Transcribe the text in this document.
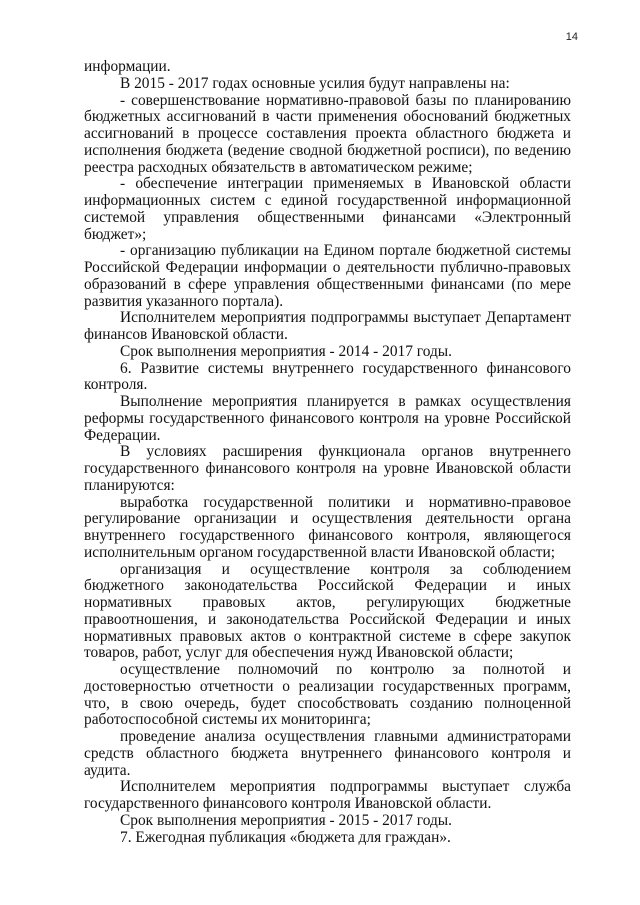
14

информации.

В 2015 - 2017 годах основные усилия будут направлены на:

- совершенствование нормативно-правовой базы по планированию бюджетных ассигнований в части применения обоснований бюджетных ассигнований в процессе составления проекта областного бюджета и исполнения бюджета (ведение сводной бюджетной росписи), по ведению реестра расходных обязательств в автоматическом режиме;

- обеспечение интеграции применяемых в Ивановской области информационных систем с единой государственной информационной системой управления общественными финансами «Электронный бюджет»;

- организацию публикации на Едином портале бюджетной системы Российской Федерации информации о деятельности публично-правовых образований в сфере управления общественными финансами (по мере развития указанного портала).

Исполнителем мероприятия подпрограммы выступает Департамент финансов Ивановской области.

Срок выполнения мероприятия - 2014 - 2017 годы.

6. Развитие системы внутреннего государственного финансового контроля.

Выполнение мероприятия планируется в рамках осуществления реформы государственного финансового контроля на уровне Российской Федерации.

В условиях расширения функционала органов внутреннего государственного финансового контроля на уровне Ивановской области планируются:

выработка государственной политики и нормативно-правовое регулирование организации и осуществления деятельности органа внутреннего государственного финансового контроля, являющегося исполнительным органом государственной власти Ивановской области;

организация и осуществление контроля за соблюдением бюджетного законодательства Российской Федерации и иных нормативных правовых актов, регулирующих бюджетные правоотношения, и законодательства Российской Федерации и иных нормативных правовых актов о контрактной системе в сфере закупок товаров, работ, услуг для обеспечения нужд Ивановской области;

осуществление полномочий по контролю за полнотой и достоверностью отчетности о реализации государственных программ, что, в свою очередь, будет способствовать созданию полноценной работоспособной системы их мониторинга;

проведение анализа осуществления главными администраторами средств областного бюджета внутреннего финансового контроля и аудита.

Исполнителем мероприятия подпрограммы выступает служба государственного финансового контроля Ивановской области.

Срок выполнения мероприятия - 2015 - 2017 годы.

7. Ежегодная публикация «бюджета для граждан».
